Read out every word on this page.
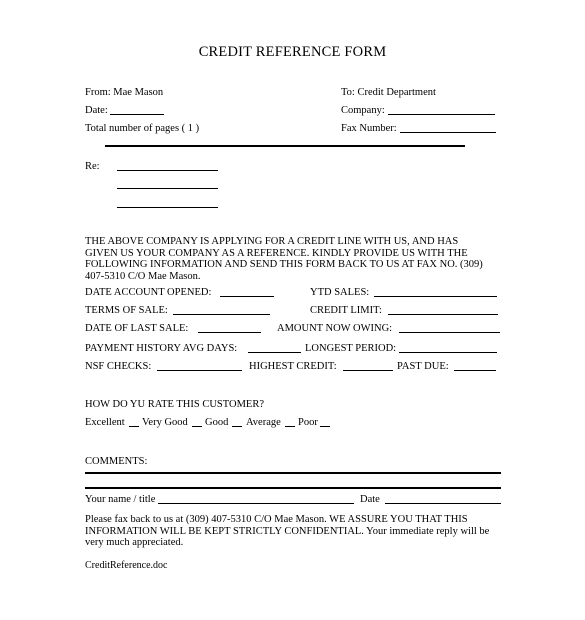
CREDIT REFERENCE FORM
From: Mae Mason	To: Credit Department
Date:	Company:
Total number of pages ( 1 )	Fax Number:
Re:
THE ABOVE COMPANY IS APPLYING FOR A CREDIT LINE WITH US, AND HAS
GIVEN US YOUR COMPANY AS A REFERENCE. KINDLY PROVIDE US WITH THE
FOLLOWING INFORMATION AND SEND THIS FORM BACK TO US AT FAX NO. (309)
407-5310 C/O Mae Mason.
DATE ACCOUNT OPENED:	YTD SALES:
TERMS OF SALE:	CREDIT LIMIT:
DATE OF LAST SALE:	AMOUNT NOW OWING:
PAYMENT HISTORY AVG DAYS:	LONGEST PERIOD:
NSF CHECKS:	HIGHEST CREDIT:	PAST DUE:
HOW DO YU RATE THIS CUSTOMER?
Excellent Very Good Good Average Poor
COMMENTS:
Your name / title	Date
Please fax back to us at (309) 407-5310 C/O Mae Mason. WE ASSURE YOU THAT THIS
INFORMATION WILL BE KEPT STRICTLY CONFIDENTIAL. Your immediate reply will be
very much appreciated.
CreditReference.doc
